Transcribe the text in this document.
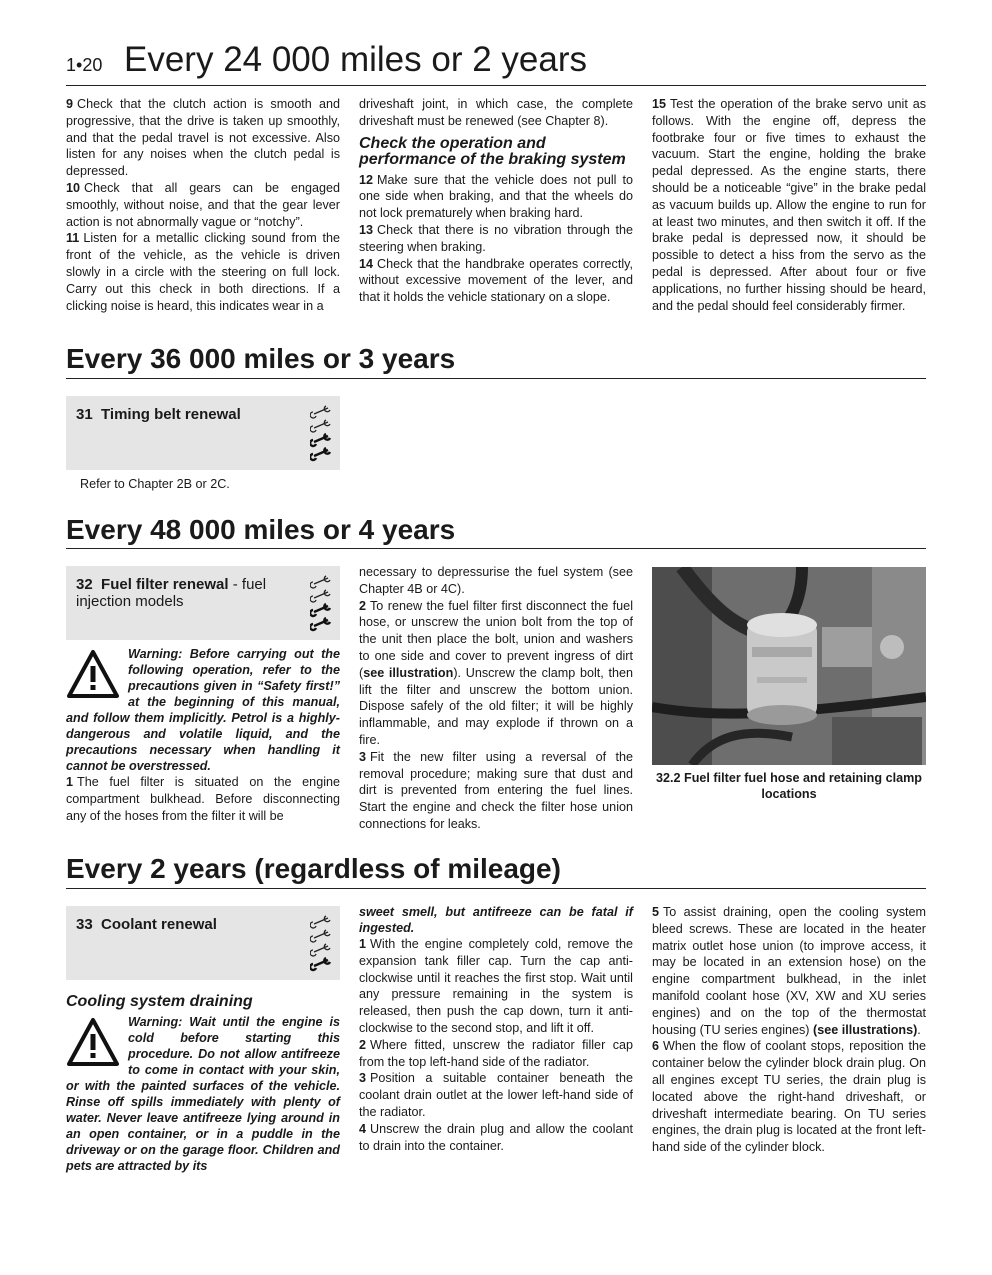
1•20 Every 24 000 miles or 2 years

9 Check that the clutch action is smooth and progressive, that the drive is taken up smoothly, and that the pedal travel is not excessive. Also listen for any noises when the clutch pedal is depressed.

10 Check that all gears can be engaged smoothly, without noise, and that the gear lever action is not abnormally vague or “notchy”.

11 Listen for a metallic clicking sound from the front of the vehicle, as the vehicle is driven slowly in a circle with the steering on full lock. Carry out this check in both directions. If a clicking noise is heard, this indicates wear in a

driveshaft joint, in which case, the complete driveshaft must be renewed (see Chapter 8).

Check the operation and performance of the braking system

12 Make sure that the vehicle does not pull to one side when braking, and that the wheels do not lock prematurely when braking hard.

13 Check that there is no vibration through the steering when braking.

14 Check that the handbrake operates correctly, without excessive movement of the lever, and that it holds the vehicle stationary on a slope.

15 Test the operation of the brake servo unit as follows. With the engine off, depress the footbrake four or five times to exhaust the vacuum. Start the engine, holding the brake pedal depressed. As the engine starts, there should be a noticeable “give” in the brake pedal as vacuum builds up. Allow the engine to run for at least two minutes, and then switch it off. If the brake pedal is depressed now, it should be possible to detect a hiss from the servo as the pedal is depressed. After about four or five applications, no further hissing should be heard, and the pedal should feel considerably firmer.

Every 36 000 miles or 3 years
31 Timing belt renewal
Refer to Chapter 2B or 2C.
Every 48 000 miles or 4 years
32 Fuel filter renewal - fuel injection models
Warning: Before carrying out the following operation, refer to the precautions given in “Safety first!” at the beginning of this manual, and follow them implicitly. Petrol is a highly-dangerous and volatile liquid, and the precautions necessary when handling it cannot be overstressed.

1 The fuel filter is situated on the engine compartment bulkhead. Before disconnecting any of the hoses from the filter it will be

necessary to depressurise the fuel system (see Chapter 4B or 4C).

2 To renew the fuel filter first disconnect the fuel hose, or unscrew the union bolt from the top of the unit then place the bolt, union and washers to one side and cover to prevent ingress of dirt (see illustration). Unscrew the clamp bolt, then lift the filter and unscrew the bottom union. Dispose safely of the old filter; it will be highly inflammable, and may explode if thrown on a fire.

3 Fit the new filter using a reversal of the removal procedure; making sure that dust and dirt is prevented from entering the fuel lines. Start the engine and check the filter hose union connections for leaks.

32.2 Fuel filter fuel hose and retaining clamp locations
Every 2 years (regardless of mileage)
33 Coolant renewal
Cooling system draining
Warning: Wait until the engine is cold before starting this procedure. Do not allow antifreeze to come in contact with your skin, or with the painted surfaces of the vehicle. Rinse off spills immediately with plenty of water. Never leave antifreeze lying around in an open container, or in a puddle in the driveway or on the garage floor. Children and pets are attracted by its
sweet smell, but antifreeze can be fatal if ingested.

1 With the engine completely cold, remove the expansion tank filler cap. Turn the cap anti-clockwise until it reaches the first stop. Wait until any pressure remaining in the system is released, then push the cap down, turn it anti-clockwise to the second stop, and lift it off.

2 Where fitted, unscrew the radiator filler cap from the top left-hand side of the radiator.

3 Position a suitable container beneath the coolant drain outlet at the lower left-hand side of the radiator.

4 Unscrew the drain plug and allow the coolant to drain into the container.

5 To assist draining, open the cooling system bleed screws. These are located in the heater matrix outlet hose union (to improve access, it may be located in an extension hose) on the engine compartment bulkhead, in the inlet manifold coolant hose (XV, XW and XU series engines) and on the top of the thermostat housing (TU series engines) (see illustrations).

6 When the flow of coolant stops, reposition the container below the cylinder block drain plug. On all engines except TU series, the drain plug is located above the right-hand driveshaft, or driveshaft intermediate bearing. On TU series engines, the drain plug is located at the front left-hand side of the cylinder block.
